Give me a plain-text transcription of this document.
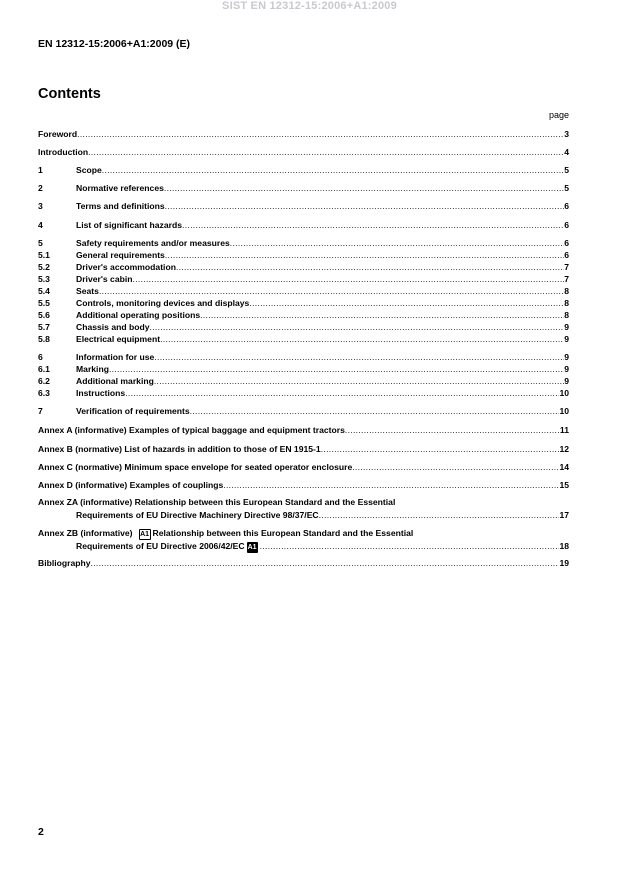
SIST EN 12312-15:2006+A1:2009
EN 12312-15:2006+A1:2009 (E)
Contents
page
Foreword .....	3
Introduction .....	4
1	Scope .....	5
2	Normative references .....	5
3	Terms and definitions .....	6
4	List of significant hazards .....	6
5	Safety requirements and/or measures .....	6
5.1	General requirements .....	6
5.2	Driver's accommodation .....	7
5.3	Driver's cabin .....	7
5.4	Seats .....	8
5.5	Controls, monitoring devices and displays .....	8
5.6	Additional operating positions .....	8
5.7	Chassis and body .....	9
5.8	Electrical equipment .....	9
6	Information for use .....	9
6.1	Marking .....	9
6.2	Additional marking .....	9
6.3	Instructions .....	10
7	Verification of requirements .....	10
Annex A (informative) Examples of typical baggage and equipment tractors .....	11
Annex B (normative) List of hazards in addition to those of EN 1915-1 .....	12
Annex C (normative) Minimum space envelope for seated operator enclosure .....	14
Annex D (informative) Examples of couplings .....	15
Annex ZA (informative) Relationship between this European Standard and the Essential
Requirements of EU Directive Machinery Directive 98/37/EC .....	17
Annex ZB (informative) A1 Relationship between this European Standard and the Essential
Requirements of EU Directive 2006/42/EC A1 .....	18
Bibliography .....	19
2
